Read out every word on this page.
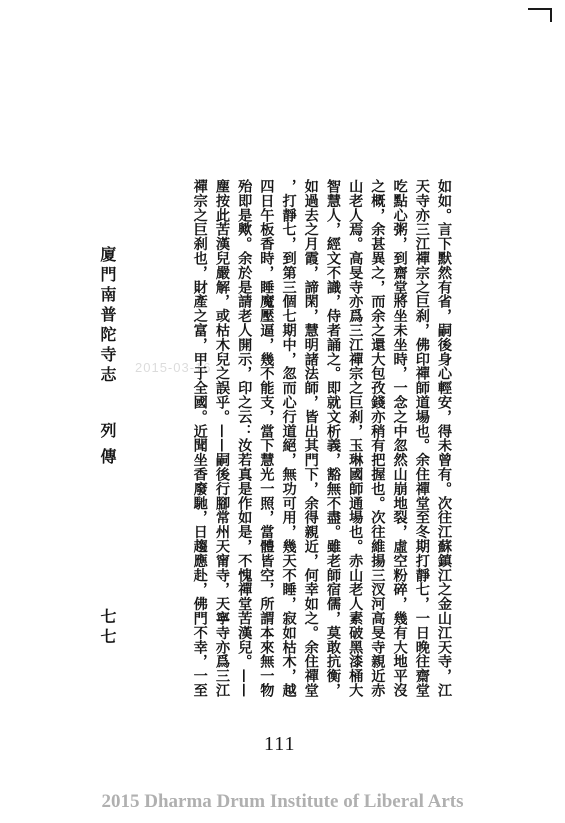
廈門南普陀寺志
列傳
七七	如如。言下默然有省，嗣後身心輕安，得未曾有。次往江蘇鎮江之金山江天寺，江
天寺亦三江禪宗之巨刹，佛印禪師道場也。余住禪堂至冬期打靜七，一日晚往齋堂
吃點心粥，到齋堂將坐未坐時，一念之中忽然山崩地裂，虛空粉碎，幾有大地平沒
之概，余甚異之，而余之還大包孜錢亦稍有把握也。次往維揚三汊河高旻寺親近赤
山老人焉。高旻寺亦爲三江禪宗之巨刹，玉琳國師通場也。赤山老人素破黑漆桶大
智慧人，經文不識，侍者誦之。即就文析義，豁無不盡。雖老師宿儒，莫敢抗衡，
如過去之月霞，諦閑，慧明諸法師，皆出其門下，余得親近，何幸如之。余住禪堂
，打靜七，到第三個七期中，忽而心行道絕，無功可用，幾天不睡，寂如枯木，越
四日午板香時，睡魔壓逼，幾不能支，當下慧光一照，當體皆空，所謂本來無一物
殆即是歟。余於是請老人開示，印之云：汝若真是作如是，不愧禪堂苦漢兒。——
塵按此苦漢兒嚴解，或枯木兒之誤乎。——嗣後行腳常州天甯寺，天寧寺亦爲三江
禪宗之巨刹也，財產之富，甲于全國。近聞坐香廢馳，日趨應赴，佛門不幸，一至
2015-03-16
111
2015 Dharma Drum Institute of Liberal Arts
